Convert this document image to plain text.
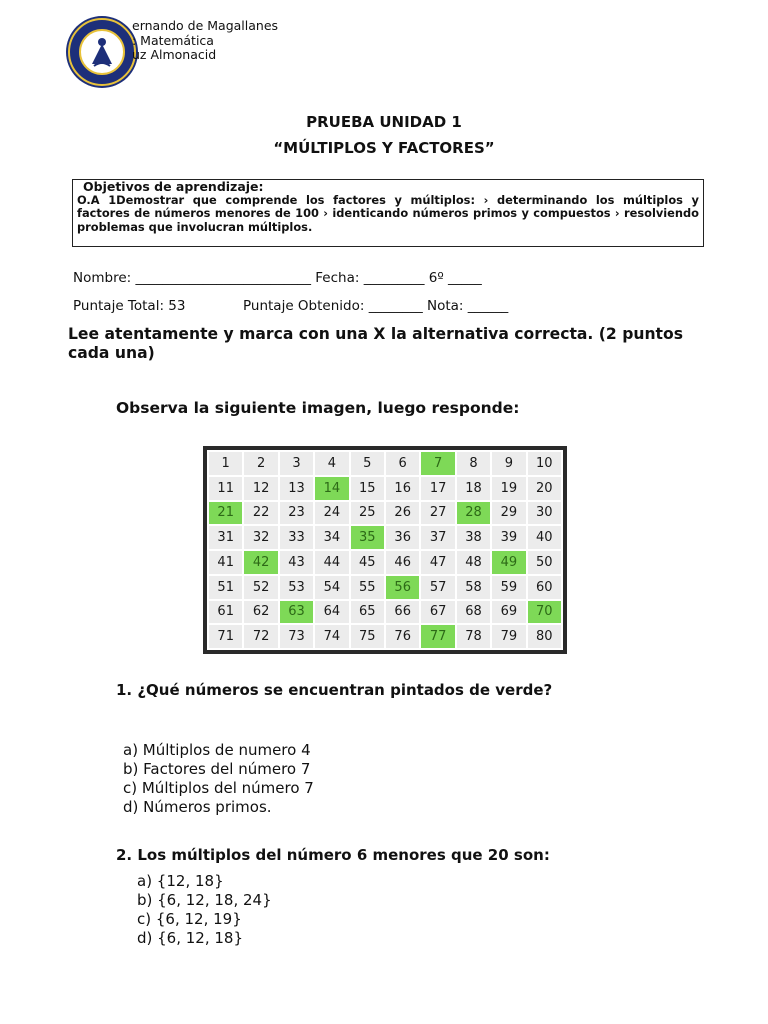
ernando de Magallanes
: Matemática
uz Almonacid
PRUEBA UNIDAD 1
“MÚLTIPLOS Y FACTORES”
Objetivos de aprendizaje:
O.A 1Demostrar que comprende los factores y múltiplos: › determinando los múltiplos y factores de números menores de 100 › identicando números primos y compuestos › resolviendo problemas que involucran múltiplos.
Nombre: __________________________ Fecha: _________ 6º _____
Puntaje Total: 53	Puntaje Obtenido: ________ Nota: ______
Lee atentamente y marca con una X la alternativa correcta. (2 puntos cada una)
Observa la siguiente imagen, luego responde:
1	2	3	4	5	6	7	8	9	10
11	12	13	14	15	16	17	18	19	20
21	22	23	24	25	26	27	28	29	30
31	32	33	34	35	36	37	38	39	40
41	42	43	44	45	46	47	48	49	50
51	52	53	54	55	56	57	58	59	60
61	62	63	64	65	66	67	68	69	70
71	72	73	74	75	76	77	78	79	80
1. ¿Qué números se encuentran pintados de verde?
a) Múltiplos de numero 4
b) Factores del número 7
c) Múltiplos del número 7
d) Números primos.
2. Los múltiplos del número 6 menores que 20 son:
a) {12, 18}
b) {6, 12, 18, 24}
c) {6, 12, 19}
d) {6, 12, 18}
